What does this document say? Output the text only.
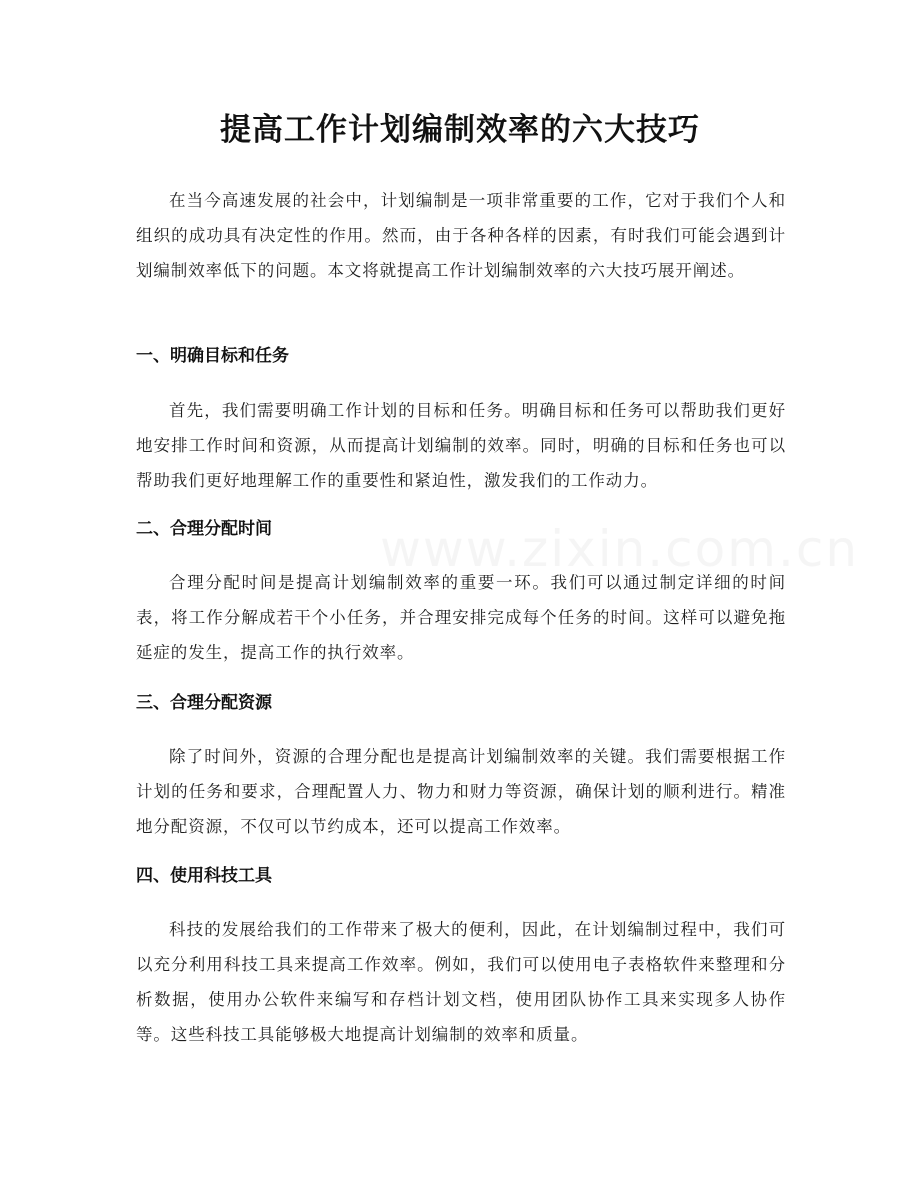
www.zixin.com.cn
提高工作计划编制效率的六大技巧

在当今高速发展的社会中，计划编制是一项非常重要的工作，它对于我们个人和组织的成功具有决定性的作用。然而，由于各种各样的因素，有时我们可能会遇到计划编制效率低下的问题。本文将就提高工作计划编制效率的六大技巧展开阐述。

一、明确目标和任务

首先，我们需要明确工作计划的目标和任务。明确目标和任务可以帮助我们更好地安排工作时间和资源，从而提高计划编制的效率。同时，明确的目标和任务也可以帮助我们更好地理解工作的重要性和紧迫性，激发我们的工作动力。

二、合理分配时间

合理分配时间是提高计划编制效率的重要一环。我们可以通过制定详细的时间表，将工作分解成若干个小任务，并合理安排完成每个任务的时间。这样可以避免拖延症的发生，提高工作的执行效率。

三、合理分配资源

除了时间外，资源的合理分配也是提高计划编制效率的关键。我们需要根据工作计划的任务和要求，合理配置人力、物力和财力等资源，确保计划的顺利进行。精准地分配资源，不仅可以节约成本，还可以提高工作效率。

四、使用科技工具

科技的发展给我们的工作带来了极大的便利，因此，在计划编制过程中，我们可以充分利用科技工具来提高工作效率。例如，我们可以使用电子表格软件来整理和分析数据，使用办公软件来编写和存档计划文档，使用团队协作工具来实现多人协作等。这些科技工具能够极大地提高计划编制的效率和质量。
